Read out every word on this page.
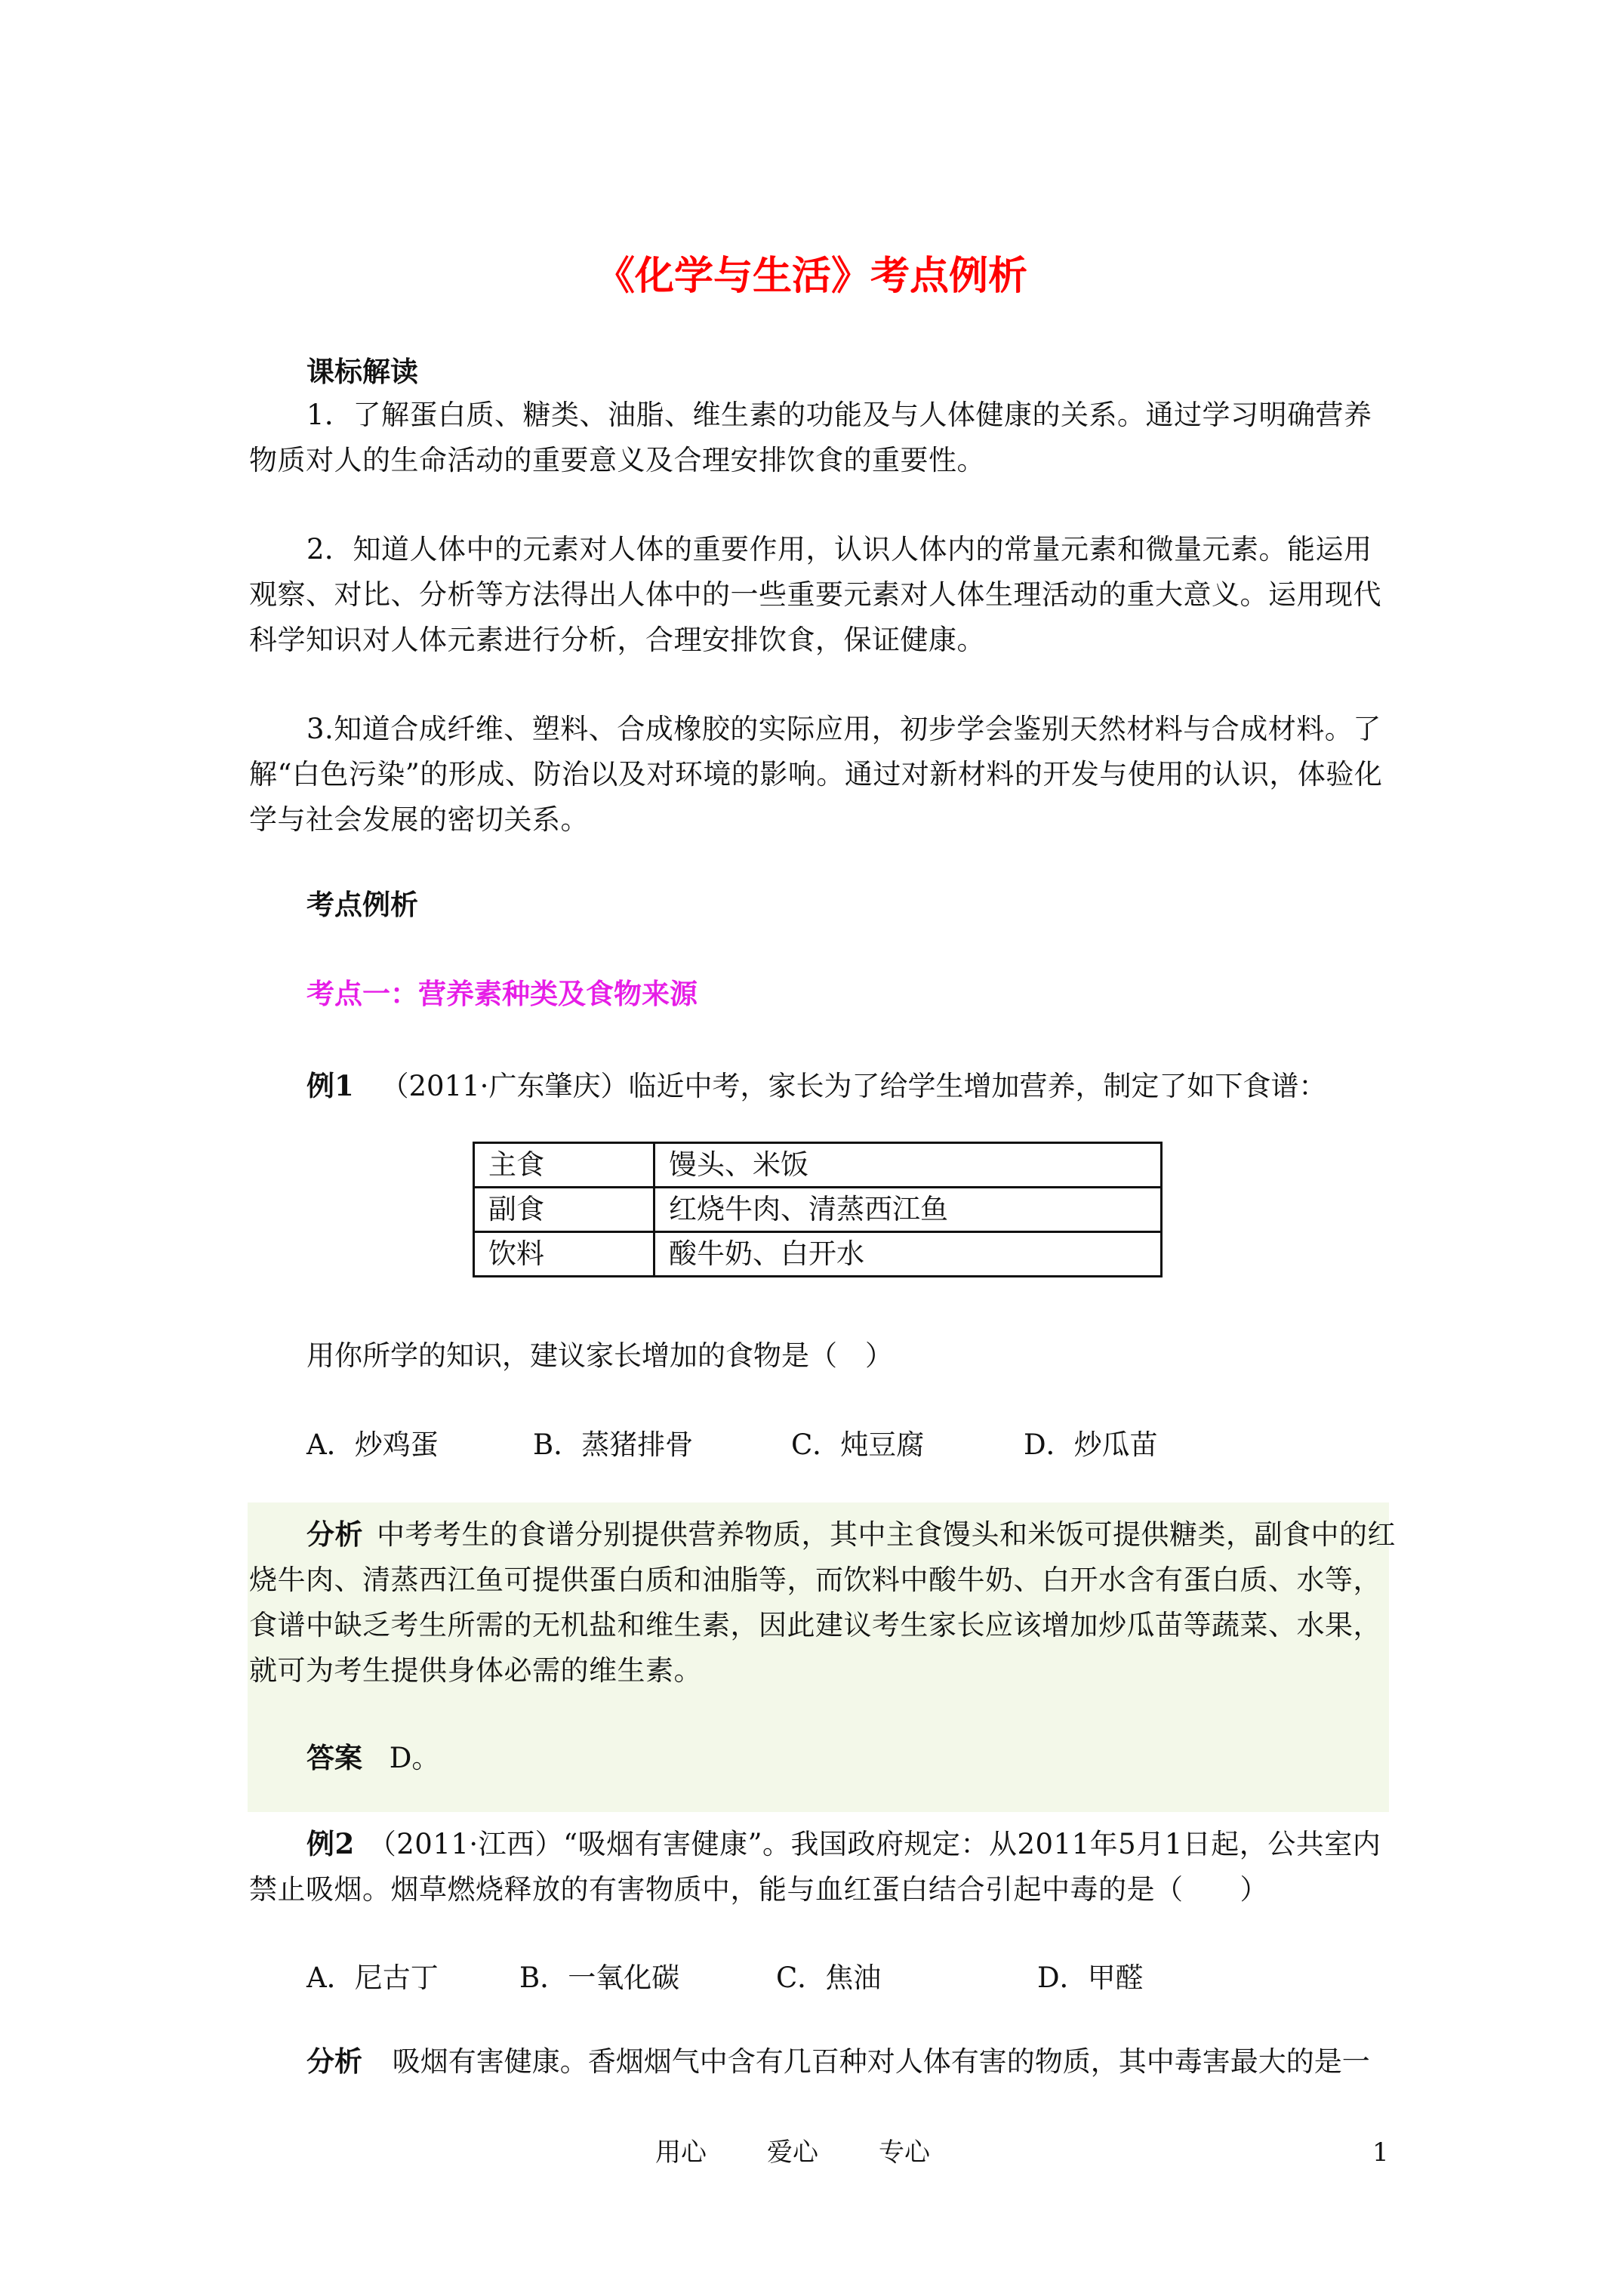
《化学与生活》考点例析
课标解读

1．了解蛋白质、糖类、油脂、维生素的功能及与人体健康的关系。通过学习明确营养物质对人的生命活动的重要意义及合理安排饮食的重要性。

2．知道人体中的元素对人体的重要作用，认识人体内的常量元素和微量元素。能运用观察、对比、分析等方法得出人体中的一些重要元素对人体生理活动的重大意义。运用现代科学知识对人体元素进行分析，合理安排饮食，保证健康。

3.知道合成纤维、塑料、合成橡胶的实际应用，初步学会鉴别天然材料与合成材料。了解“白色污染”的形成、防治以及对环境的影响。通过对新材料的开发与使用的认识，体验化学与社会发展的密切关系。

考点例析
考点一：营养素种类及食物来源
例1 （2011·广东肇庆）临近中考，家长为了给学生增加营养，制定了如下食谱：
主食	馒头、米饭
副食	红烧牛肉、清蒸西江鱼
饮料	酸牛奶、白开水
用你所学的知识，建议家长增加的食物是（　）
A．炒鸡蛋	B．蒸猪排骨	C．炖豆腐	D．炒瓜苗

分析 中考考生的食谱分别提供营养物质，其中主食馒头和米饭可提供糖类，副食中的红烧牛肉、清蒸西江鱼可提供蛋白质和油脂等，而饮料中酸牛奶、白开水含有蛋白质、水等，食谱中缺乏考生所需的无机盐和维生素，因此建议考生家长应该增加炒瓜苗等蔬菜、水果，就可为考生提供身体必需的维生素。

答案 D。

例2 （2011·江西）“吸烟有害健康”。我国政府规定：从2011年5月1日起，公共室内禁止吸烟。烟草燃烧释放的有害物质中，能与血红蛋白结合引起中毒的是（　　）

A．尼古丁	B．一氧化碳	C．焦油	D．甲醛
分析 吸烟有害健康。香烟烟气中含有几百种对人体有害的物质，其中毒害最大的是一
用心 爱心 专心	1
